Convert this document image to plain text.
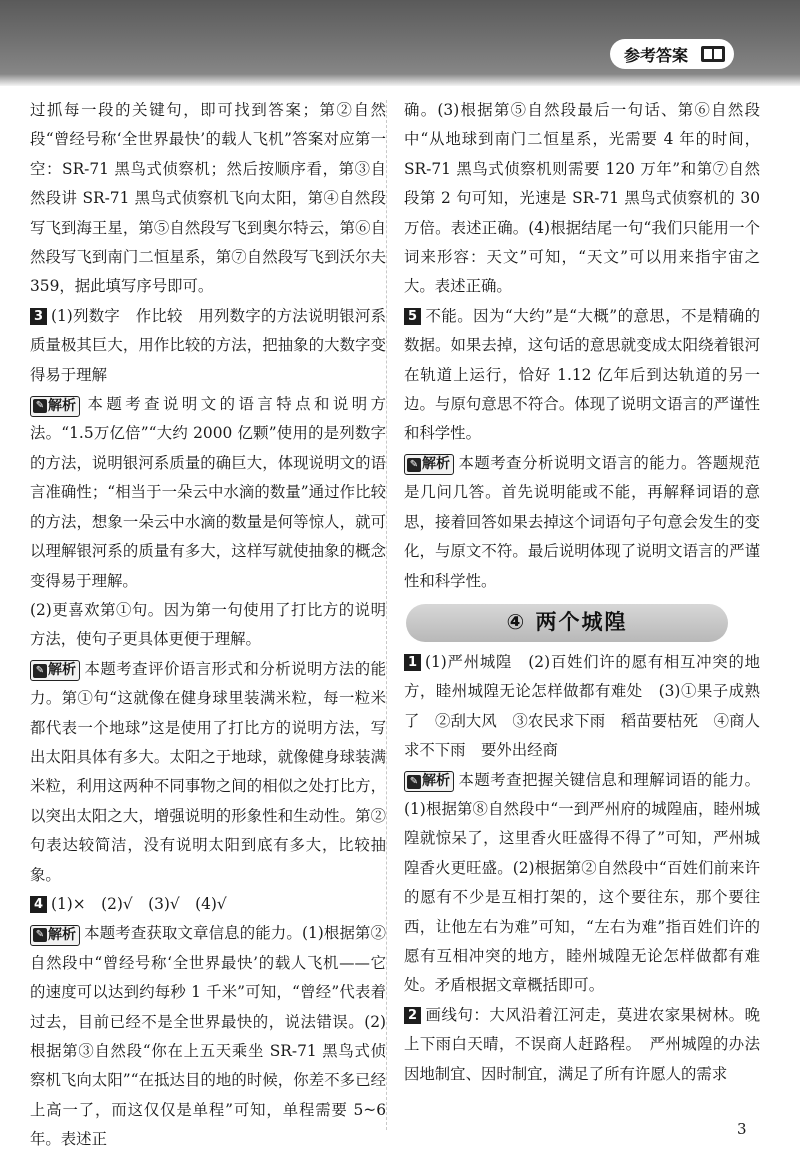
参考答案

过抓每一段的关键句，即可找到答案；第②自然段“曾经号称‘全世界最快’的载人飞机”答案对应第一空：SR-71 黑鸟式侦察机；然后按顺序看，第③自然段讲 SR-71 黑鸟式侦察机飞向太阳，第④自然段写飞到海王星，第⑤自然段写飞到奥尔特云，第⑥自然段写飞到南门二恒星系，第⑦自然段写飞到沃尔夫 359，据此填写序号即可。

3 (1)列数字　作比较　用列数字的方法说明银河系质量极其巨大，用作比较的方法，把抽象的大数字变得易于理解

✎ 解析 本题考查说明文的语言特点和说明方法。“1.5万亿倍”“大约 2000 亿颗”使用的是列数字的方法，说明银河系质量的确巨大，体现说明文的语言准确性；“相当于一朵云中水滴的数量”通过作比较的方法，想象一朵云中水滴的数量是何等惊人，就可以理解银河系的质量有多大，这样写就使抽象的概念变得易于理解。

(2)更喜欢第①句。因为第一句使用了打比方的说明方法，使句子更具体更便于理解。

✎ 解析 本题考查评价语言形式和分析说明方法的能力。第①句“这就像在健身球里装满米粒，每一粒米都代表一个地球”这是使用了打比方的说明方法，写出太阳具体有多大。太阳之于地球，就像健身球装满米粒，利用这两种不同事物之间的相似之处打比方，以突出太阳之大，增强说明的形象性和生动性。第②句表达较简洁，没有说明太阳到底有多大，比较抽象。

4 (1)×　(2)√　(3)√　(4)√

✎ 解析 本题考查获取文章信息的能力。(1)根据第②自然段中“曾经号称‘全世界最快’的载人飞机——它的速度可以达到约每秒 1 千米”可知，“曾经”代表着过去，目前已经不是全世界最快的，说法错误。(2)根据第③自然段“你在上五天乘坐 SR-71 黑鸟式侦察机飞向太阳”“在抵达目的地的时候，你差不多已经上高一了，而这仅仅是单程”可知，单程需要 5~6 年。表述正

确。(3)根据第⑤自然段最后一句话、第⑥自然段中“从地球到南门二恒星系，光需要 4 年的时间，SR-71 黑鸟式侦察机则需要 120 万年”和第⑦自然段第 2 句可知，光速是 SR-71 黑鸟式侦察机的 30 万倍。表述正确。(4)根据结尾一句“我们只能用一个词来形容：天文”可知，“天文”可以用来指宇宙之大。表述正确。

5 不能。因为“大约”是“大概”的意思，不是精确的数据。如果去掉，这句话的意思就变成太阳绕着银河在轨道上运行，恰好 1.12 亿年后到达轨道的另一边。与原句意思不符合。体现了说明文语言的严谨性和科学性。

✎ 解析 本题考查分析说明文语言的能力。答题规范是几问几答。首先说明能或不能，再解释词语的意思，接着回答如果去掉这个词语句子句意会发生的变化，与原文不符。最后说明体现了说明文语言的严谨性和科学性。

④ 两个城隍

1 (1)严州城隍　(2)百姓们许的愿有相互冲突的地方，睦州城隍无论怎样做都有难处　(3)①果子成熟了　②刮大风　③农民求下雨　稻苗要枯死　④商人求不下雨　要外出经商

✎ 解析 本题考查把握关键信息和理解词语的能力。(1)根据第⑧自然段中“一到严州府的城隍庙，睦州城隍就惊呆了，这里香火旺盛得不得了”可知，严州城隍香火更旺盛。(2)根据第②自然段中“百姓们前来许的愿有不少是互相打架的，这个要往东，那个要往西，让他左右为难”可知，“左右为难”指百姓们许的愿有互相冲突的地方，睦州城隍无论怎样做都有难处。矛盾根据文章概括即可。

2 画线句：大风沿着江河走，莫进农家果树林。晚上下雨白天晴，不误商人赶路程。　严州城隍的办法因地制宜、因时制宜，满足了所有许愿人的需求

3
